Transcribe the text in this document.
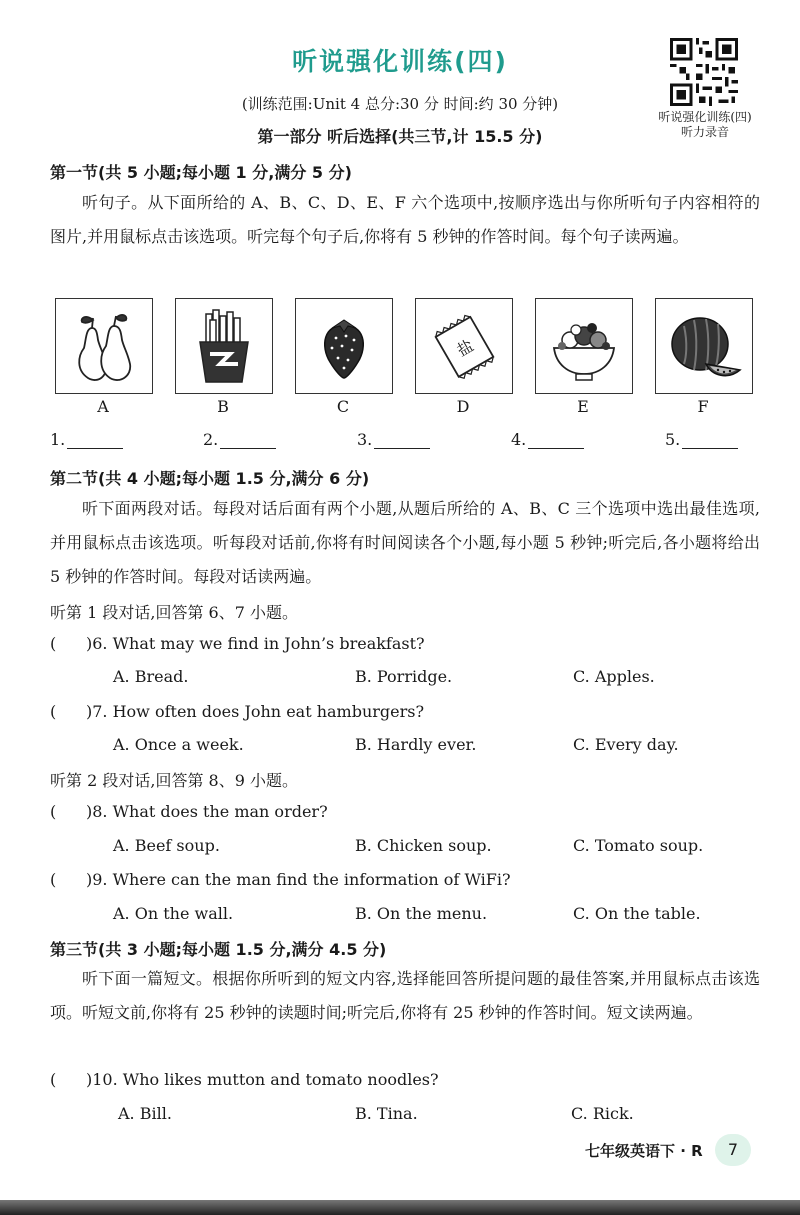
听说强化训练(四)
(训练范围:Unit 4 总分:30 分 时间:约 30 分钟)
第一部分 听后选择(共三节,计 15.5 分)
听说强化训练(四)
听力录音
第一节(共 5 小题;每小题 1 分,满分 5 分)
听句子。从下面所给的 A、B、C、D、E、F 六个选项中,按顺序选出与你所听句子内容相符的图片,并用鼠标点击该选项。听完每个句子后,你将有 5 秒钟的作答时间。每个句子读两遍。
盐
A	B	C	D	E	F
1.	2.	3.	4.	5.
第二节(共 4 小题;每小题 1.5 分,满分 6 分)
听下面两段对话。每段对话后面有两个小题,从题后所给的 A、B、C 三个选项中选出最佳选项,并用鼠标点击该选项。听每段对话前,你将有时间阅读各个小题,每小题 5 秒钟;听完后,各小题将给出 5 秒钟的作答时间。每段对话读两遍。
听第 1 段对话,回答第 6、7 小题。
( )6. What may we find in John’s breakfast?
A. Bread.	B. Porridge.	C. Apples.
( )7. How often does John eat hamburgers?
A. Once a week.	B. Hardly ever.	C. Every day.
听第 2 段对话,回答第 8、9 小题。
( )8. What does the man order?
A. Beef soup.	B. Chicken soup.	C. Tomato soup.
( )9. Where can the man find the information of WiFi?
A. On the wall.	B. On the menu.	C. On the table.
第三节(共 3 小题;每小题 1.5 分,满分 4.5 分)
听下面一篇短文。根据你所听到的短文内容,选择能回答所提问题的最佳答案,并用鼠标点击该选项。听短文前,你将有 25 秒钟的读题时间;听完后,你将有 25 秒钟的作答时间。短文读两遍。
( )10. Who likes mutton and tomato noodles?
A. Bill.	B. Tina.	C. Rick.
七年级英语下 · R	7
